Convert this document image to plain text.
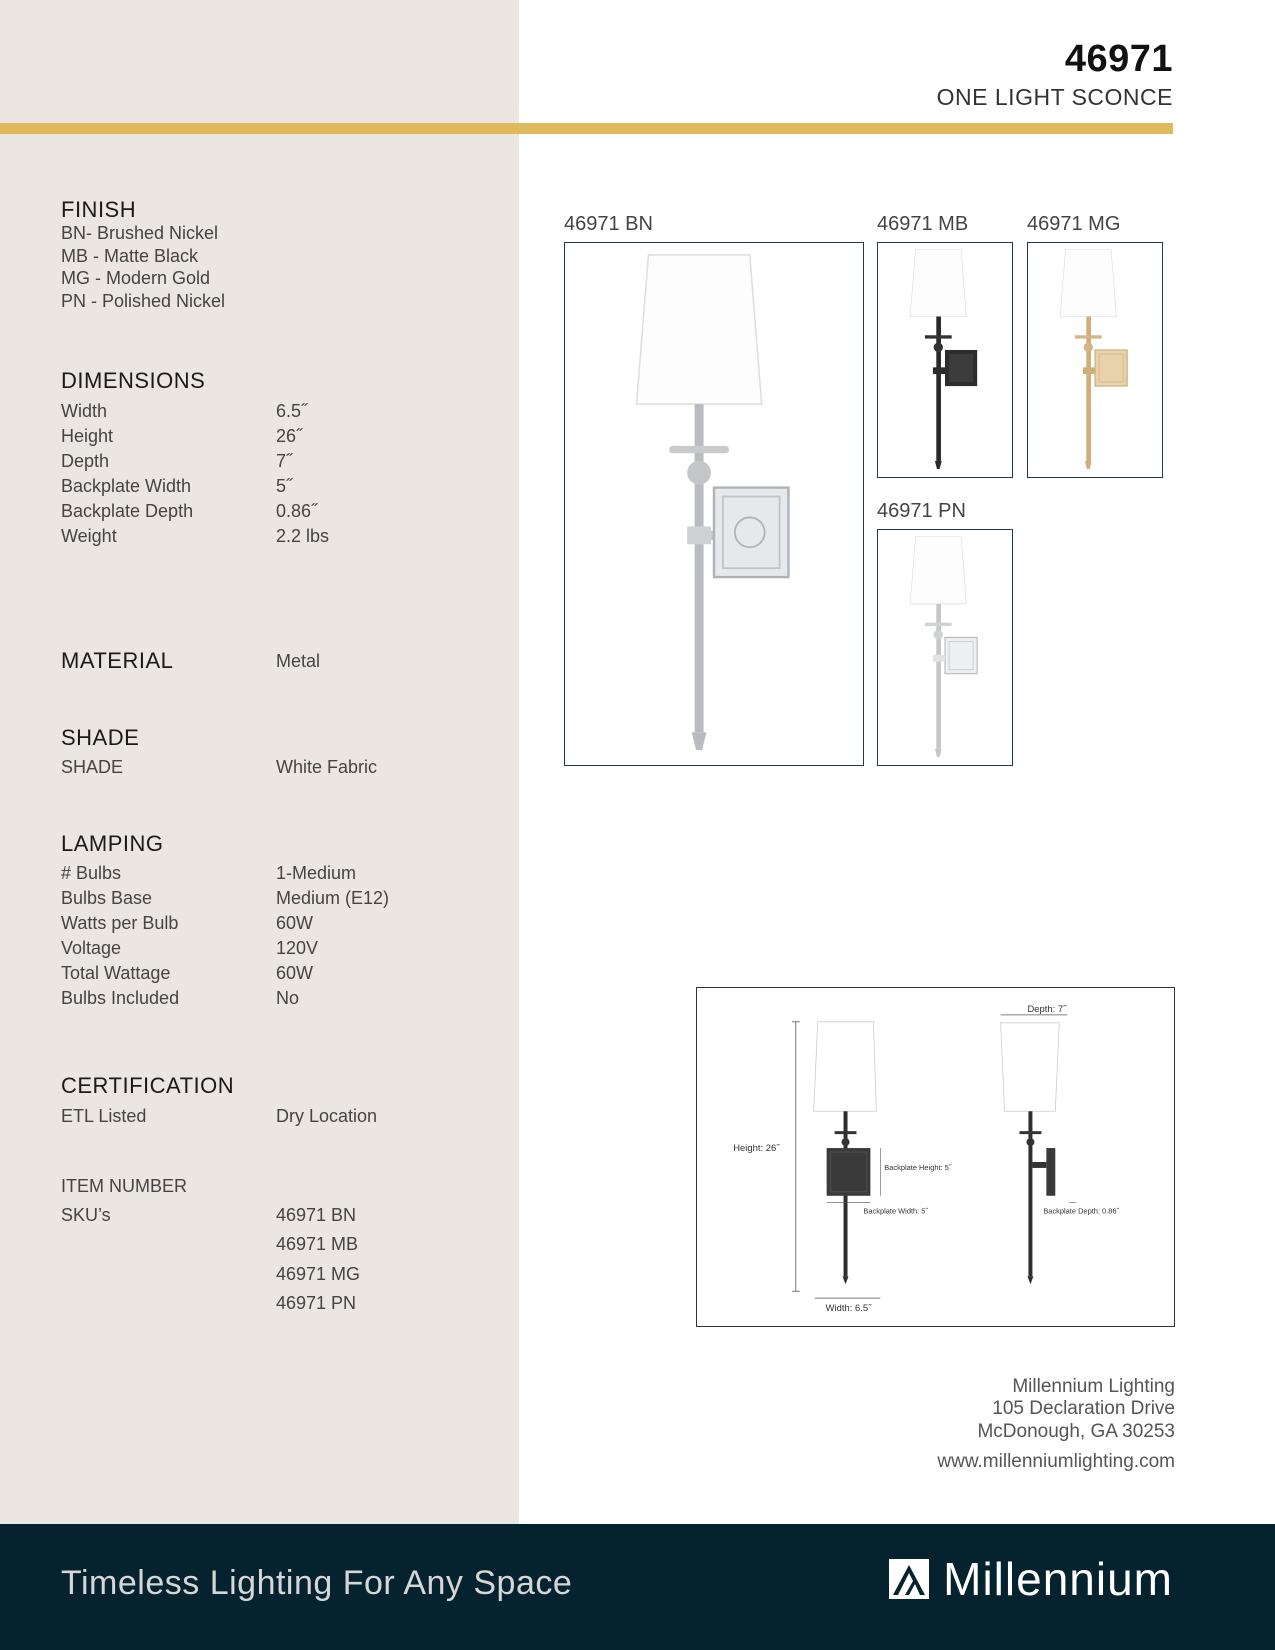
46971
ONE LIGHT SCONCE
FINISH
BN- Brushed Nickel
MB - Matte Black
MG - Modern Gold
PN - Polished Nickel
DIMENSIONS
Width	6.5˝
Height	26˝
Depth	7˝
Backplate Width	5˝
Backplate Depth	0.86˝
Weight	2.2 lbs
MATERIAL	Metal
SHADE
SHADE	White Fabric
LAMPING
# Bulbs	1-Medium
Bulbs Base	Medium (E12)
Watts per Bulb	60W
Voltage	120V
Total Wattage	60W
Bulbs Included	No
CERTIFICATION
ETL Listed	Dry Location
ITEM NUMBER
SKU’s	46971 BN
46971 MB
46971 MG
46971 PN
46971 BN	46971 MB	46971 MG
46971 PN
Height: 26˝
Backplate Height: 5˝
Backplate Width: 5˝
Width: 6.5˝
Depth: 7˝
Backplate Depth: 0.86˝
Millennium Lighting
105 Declaration Drive
McDonough, GA 30253
www.millenniumlighting.com
Timeless Lighting For Any Space	Millennium
